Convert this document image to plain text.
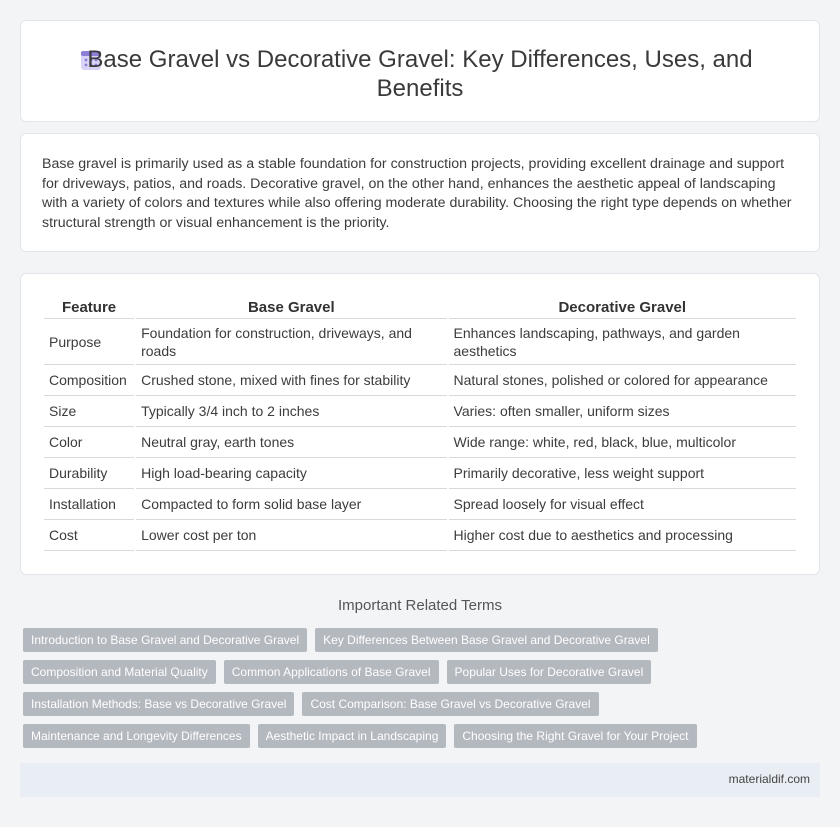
Base Gravel vs Decorative Gravel: Key Differences, Uses, and Benefits

Base gravel is primarily used as a stable foundation for construction projects, providing excellent drainage and support for driveways, patios, and roads. Decorative gravel, on the other hand, enhances the aesthetic appeal of landscaping with a variety of colors and textures while also offering moderate durability. Choosing the right type depends on whether structural strength or visual enhancement is the priority.

Feature	Base Gravel	Decorative Gravel
Purpose	Foundation for construction, driveways, and roads	Enhances landscaping, pathways, and garden aesthetics
Composition	Crushed stone, mixed with fines for stability	Natural stones, polished or colored for appearance
Size	Typically 3/4 inch to 2 inches	Varies: often smaller, uniform sizes
Color	Neutral gray, earth tones	Wide range: white, red, black, blue, multicolor
Durability	High load-bearing capacity	Primarily decorative, less weight support
Installation	Compacted to form solid base layer	Spread loosely for visual effect
Cost	Lower cost per ton	Higher cost due to aesthetics and processing
Important Related Terms
Introduction to Base Gravel and Decorative Gravel	Key Differences Between Base Gravel and Decorative Gravel
Composition and Material Quality	Common Applications of Base Gravel	Popular Uses for Decorative Gravel
Installation Methods: Base vs Decorative Gravel	Cost Comparison: Base Gravel vs Decorative Gravel
Maintenance and Longevity Differences	Aesthetic Impact in Landscaping	Choosing the Right Gravel for Your Project
materialdif.com
